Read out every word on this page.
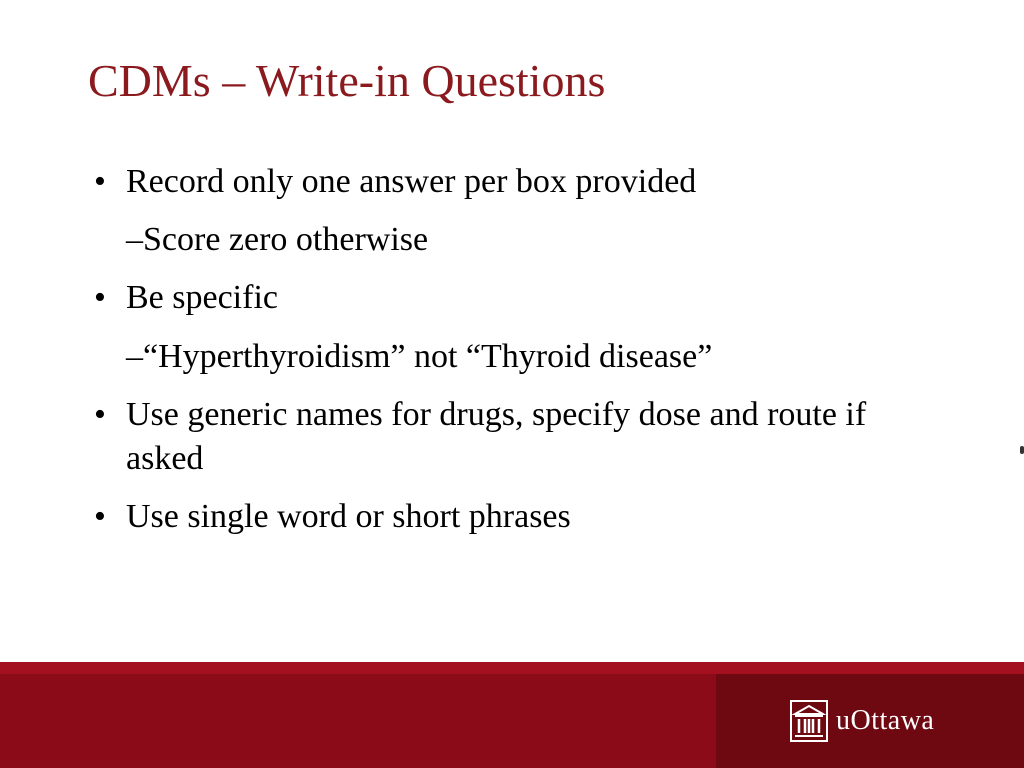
CDMs – Write-in Questions
• Record only one answer per box provided
–Score zero otherwise
• Be specific
–“Hyperthyroidism” not “Thyroid disease”
• Use generic names for drugs, specify dose and route if asked
• Use single word or short phrases
uOttawa
